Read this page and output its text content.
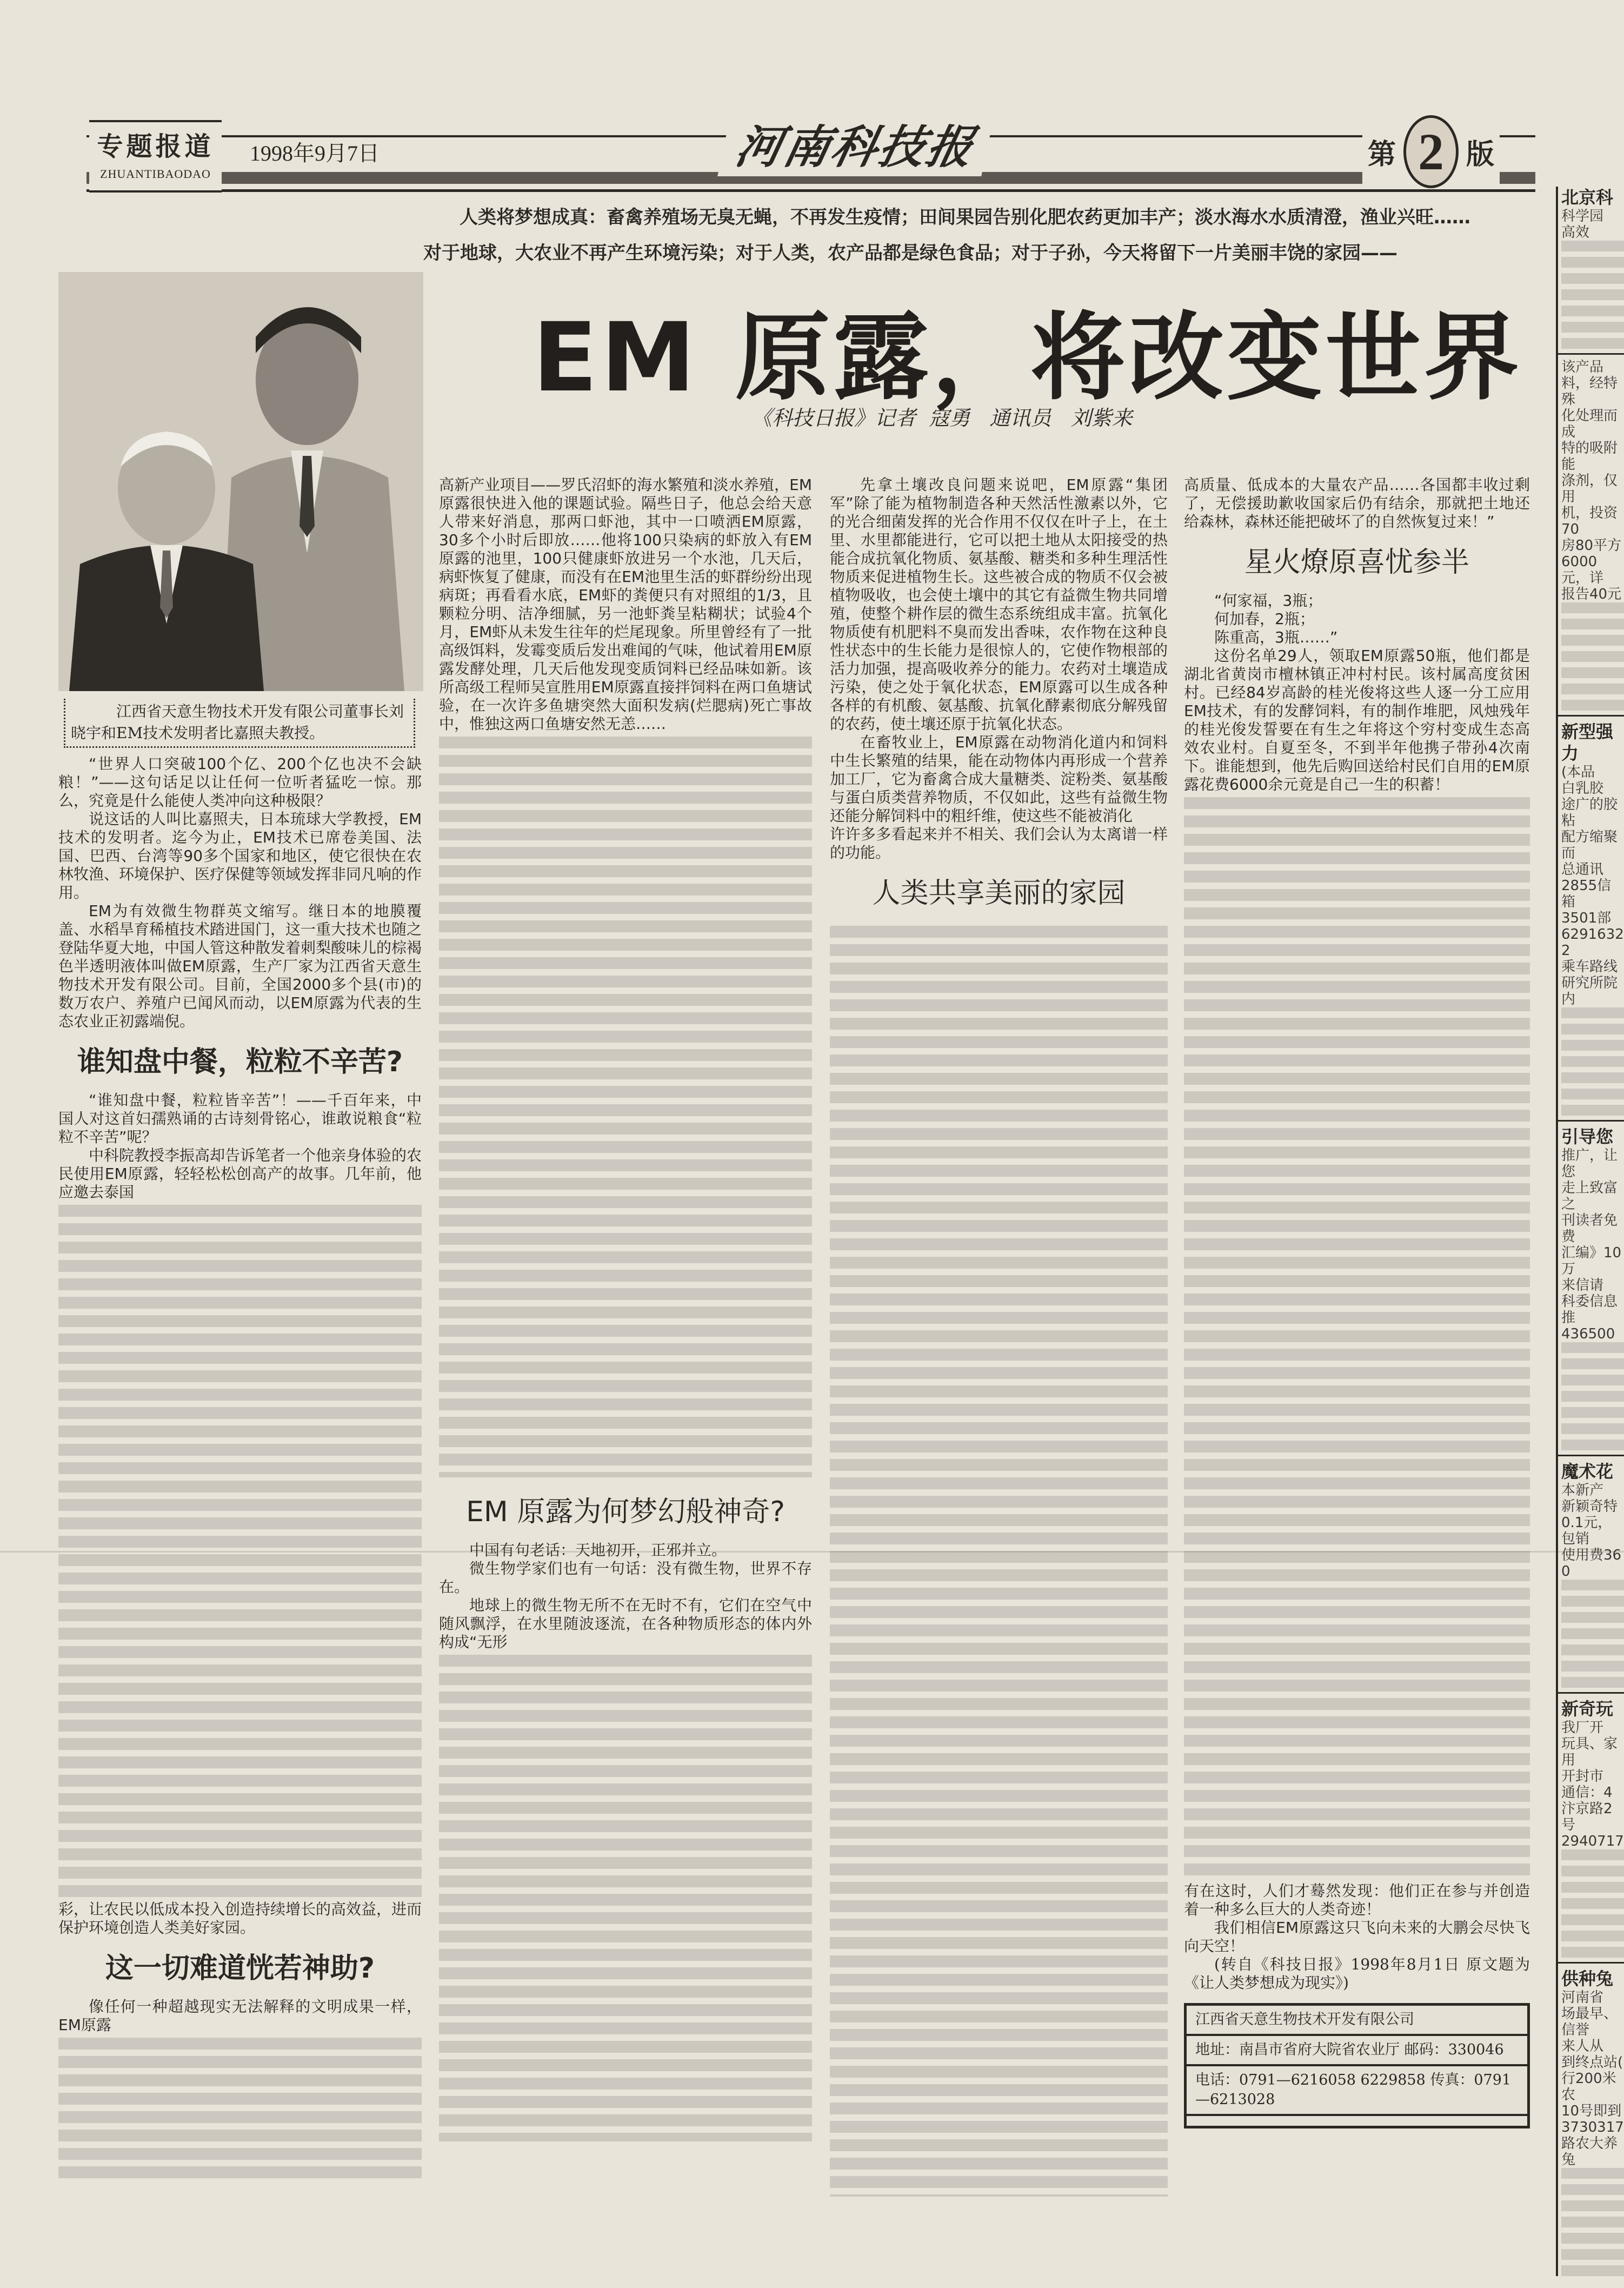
专题报道
ZHUANTIBAODAO
1998年9月7日	河南科技报	第 2 版
人类将梦想成真：畜禽养殖场无臭无蝇，不再发生疫情；田间果园告别化肥农药更加丰产；淡水海水水质清澄，渔业兴旺……
对于地球，大农业不再产生环境污染；对于人类，农产品都是绿色食品；对于子孙，今天将留下一片美丽丰饶的家园——
EM 原露，将改变世界
《科技日报》记者  寇勇   通讯员   刘紫来
江西省天意生物技术开发有限公司董事长刘晓宇和EM技术发明者比嘉照夫教授。

“世界人口突破100个亿、200个亿也决不会缺粮！”——这句话足以让任何一位听者猛吃一惊。那么，究竟是什么能使人类冲向这种极限？

说这话的人叫比嘉照夫，日本琉球大学教授，EM技术的发明者。迄今为止，EM技术已席卷美国、法国、巴西、台湾等90多个国家和地区，使它很快在农林牧渔、环境保护、医疗保健等领域发挥非同凡响的作用。

EM为有效微生物群英文缩写。继日本的地膜覆盖、水稻旱育稀植技术踏进国门，这一重大技术也随之登陆华夏大地，中国人管这种散发着刺梨酸味儿的棕褐色半透明液体叫做EM原露，生产厂家为江西省天意生物技术开发有限公司。目前，全国2000多个县(市)的数万农户、养殖户已闻风而动，以EM原露为代表的生态农业正初露端倪。

谁知盘中餐，粒粒不辛苦?

“谁知盘中餐，粒粒皆辛苦”！——千百年来，中国人对这首妇孺熟诵的古诗刻骨铭心，谁敢说粮食“粒粒不辛苦”呢？

中科院教授李振高却告诉笔者一个他亲身体验的农民使用EM原露，轻轻松松创高产的故事。几年前，他应邀去泰国

彩，让农民以低成本投入创造持续增长的高效益，进而保护环境创造人类美好家园。

这一切难道恍若神助?

像任何一种超越现实无法解释的文明成果一样，EM原露

高新产业项目——罗氏沼虾的海水繁殖和淡水养殖，EM原露很快进入他的课题试验。隔些日子，他总会给天意人带来好消息，那两口虾池，其中一口喷洒EM原露，30多个小时后即放……他将100只染病的虾放入有EM原露的池里，100只健康虾放进另一个水池，几天后，病虾恢复了健康，而没有在EM池里生活的虾群纷纷出现病斑；再看看水底，EM虾的粪便只有对照组的1/3，且颗粒分明、洁净细腻，另一池虾粪呈粘糊状；试验4个月，EM虾从未发生往年的烂尾现象。所里曾经有了一批高级饵料，发霉变质后发出难闻的气味，他试着用EM原露发酵处理，几天后他发现变质饲料已经品味如新。该所高级工程师吴宣胜用EM原露直接拌饲料在两口鱼塘试验，在一次许多鱼塘突然大面积发病(烂腮病)死亡事故中，惟独这两口鱼塘安然无恙……

EM 原露为何梦幻般神奇?

中国有句老话：天地初开，正邪并立。

微生物学家们也有一句话：没有微生物，世界不存在。

地球上的微生物无所不在无时不有，它们在空气中随风飘浮，在水里随波逐流，在各种物质形态的体内外构成“无形

先拿土壤改良问题来说吧，EM原露“集团军”除了能为植物制造各种天然活性激素以外，它的光合细菌发挥的光合作用不仅仅在叶子上，在土里、水里都能进行，它可以把土地从太阳接受的热能合成抗氧化物质、氨基酸、糖类和多种生理活性物质来促进植物生长。这些被合成的物质不仅会被植物吸收，也会使土壤中的其它有益微生物共同增殖，使整个耕作层的微生态系统组成丰富。抗氧化物质使有机肥料不臭而发出香味，农作物在这种良性状态中的生长能力是很惊人的，它使作物根部的活力加强，提高吸收养分的能力。农药对土壤造成污染，使之处于氧化状态，EM原露可以生成各种各样的有机酸、氨基酸、抗氧化酵素彻底分解残留的农药，使土壤还原于抗氧化状态。

在畜牧业上，EM原露在动物消化道内和饲料中生长繁殖的结果，能在动物体内再形成一个营养加工厂，它为畜禽合成大量糖类、淀粉类、氨基酸与蛋白质类营养物质，不仅如此，这些有益微生物还能分解饲料中的粗纤维，使这些不能被消化

许许多多看起来并不相关、我们会认为太离谱一样的功能。

人类共享美丽的家园

高质量、低成本的大量农产品……各国都丰收过剩了，无偿援助歉收国家后仍有结余，那就把土地还给森林，森林还能把破坏了的自然恢复过来！”

星火燎原喜忧参半

“何家福，3瓶；

何加春，2瓶；

陈重高，3瓶……”

这份名单29人，领取EM原露50瓶，他们都是湖北省黄岗市檀林镇正冲村村民。该村属高度贫困村。已经84岁高龄的桂光俊将这些人逐一分工应用EM技术，有的发酵饲料，有的制作堆肥，风烛残年的桂光俊发誓要在有生之年将这个穷村变成生态高效农业村。自夏至冬，不到半年他携子带孙4次南下。谁能想到，他先后购回送给村民们自用的EM原露花费6000余元竟是自己一生的积蓄！

有在这时，人们才蓦然发现：他们正在参与并创造着一种多么巨大的人类奇迹！

我们相信EM原露这只飞向未来的大鹏会尽快飞向天空！

(转自《科技日报》1998年8月1日 原文题为《让人类梦想成为现实》)

江西省天意生物技术开发有限公司
地址：南昌市省府大院省农业厅 邮码：330046
电话：0791—6216058 6229858 传真：0791—6213028
北京科
科学园
高效
该产品
料，经特殊
化处理而成
特的吸附能
涤剂，仅用
机，投资70
房80平方
6000元，详
报告40元
新型强力
(本品
白乳胶
途广的胶粘
配方缩聚而
总通讯
2855信箱
3501部
62916322
乘车路线
研究所院内
引导您
推广，让您
走上致富之
刊读者免费
汇编》10万
来信请
科委信息推
436500
魔术花
本新产
新颖奇特
0.1元，包销
使用费360
新奇玩
我厂开
玩具、家用
开封市
通信：4
汴京路2号
2940717
供种兔
河南省
场最早、信誉
来人从
到终点站(
行200米农
10号即到
3730317
路农大养兔
